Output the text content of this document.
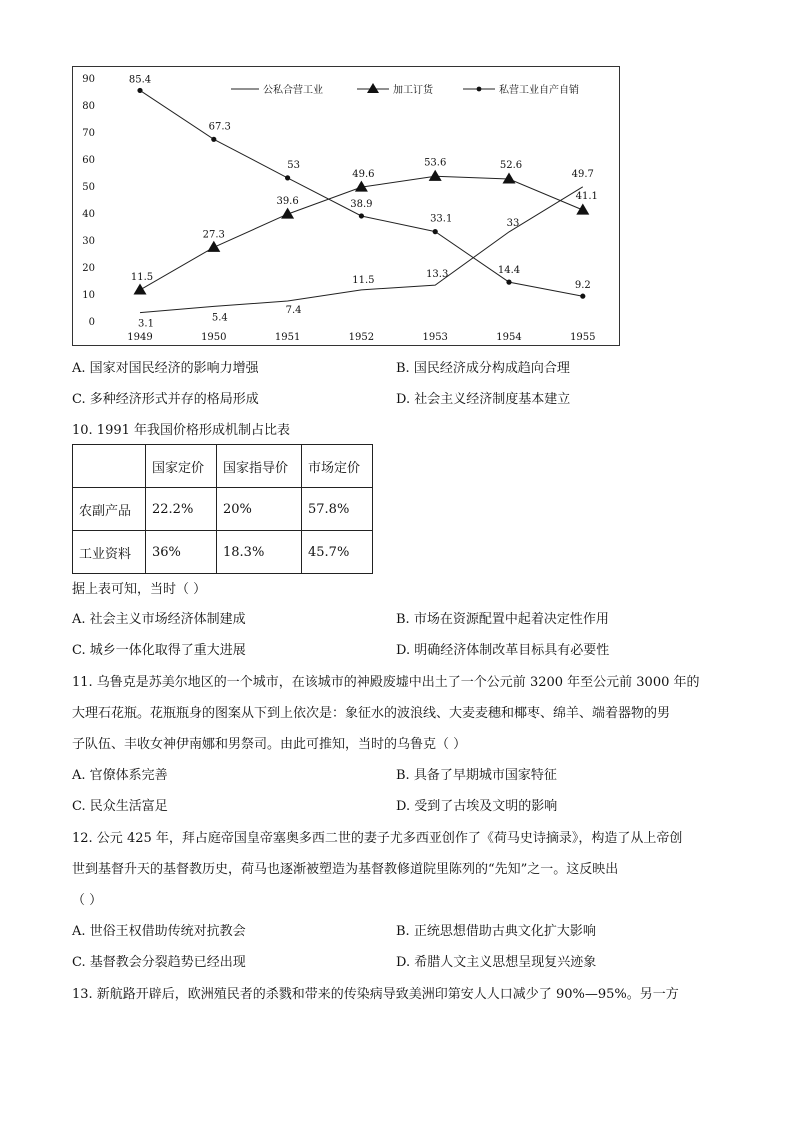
0
10
20
30
40
50
60
70
80
90
1949	1950	1951	1952	1953	1954	1955
3.1
5.4
7.4
11.5
13.3
33
49.7
11.5
27.3
39.6
49.6
53.6	52.6
41.1
85.4
67.3
53
38.9
33.1
14.4
9.2
公私合营工业	加工订货	私营工业自产自销
A. 国家对国民经济的影响力增强	B. 国民经济成分构成趋向合理
C. 多种经济形式并存的格局形成	D. 社会主义经济制度基本建立
10. 1991 年我国价格形成机制占比表
	国家定价	国家指导价	市场定价
农副产品	22.2%	20%	57.8%
工业资料	36%	18.3%	45.7%
据上表可知，当时（ ）
A. 社会主义市场经济体制建成	B. 市场在资源配置中起着决定性作用
C. 城乡一体化取得了重大进展	D. 明确经济体制改革目标具有必要性
11. 乌鲁克是苏美尔地区的一个城市，在该城市的神殿废墟中出土了一个公元前 3200 年至公元前 3000 年的
大理石花瓶。花瓶瓶身的图案从下到上依次是：象征水的波浪线、大麦麦穗和椰枣、绵羊、端着器物的男
子队伍、丰收女神伊南娜和男祭司。由此可推知，当时的乌鲁克（ ）
A. 官僚体系完善	B. 具备了早期城市国家特征
C. 民众生活富足	D. 受到了古埃及文明的影响
12. 公元 425 年，拜占庭帝国皇帝塞奥多西二世的妻子尤多西亚创作了《荷马史诗摘录》，构造了从上帝创
世到基督升天的基督教历史，荷马也逐渐被塑造为基督教修道院里陈列的“先知”之一。这反映出
（ ）
A. 世俗王权借助传统对抗教会	B. 正统思想借助古典文化扩大影响
C. 基督教会分裂趋势已经出现	D. 希腊人文主义思想呈现复兴迹象
13. 新航路开辟后，欧洲殖民者的杀戮和带来的传染病导致美洲印第安人人口减少了 90%—95%。另一方
